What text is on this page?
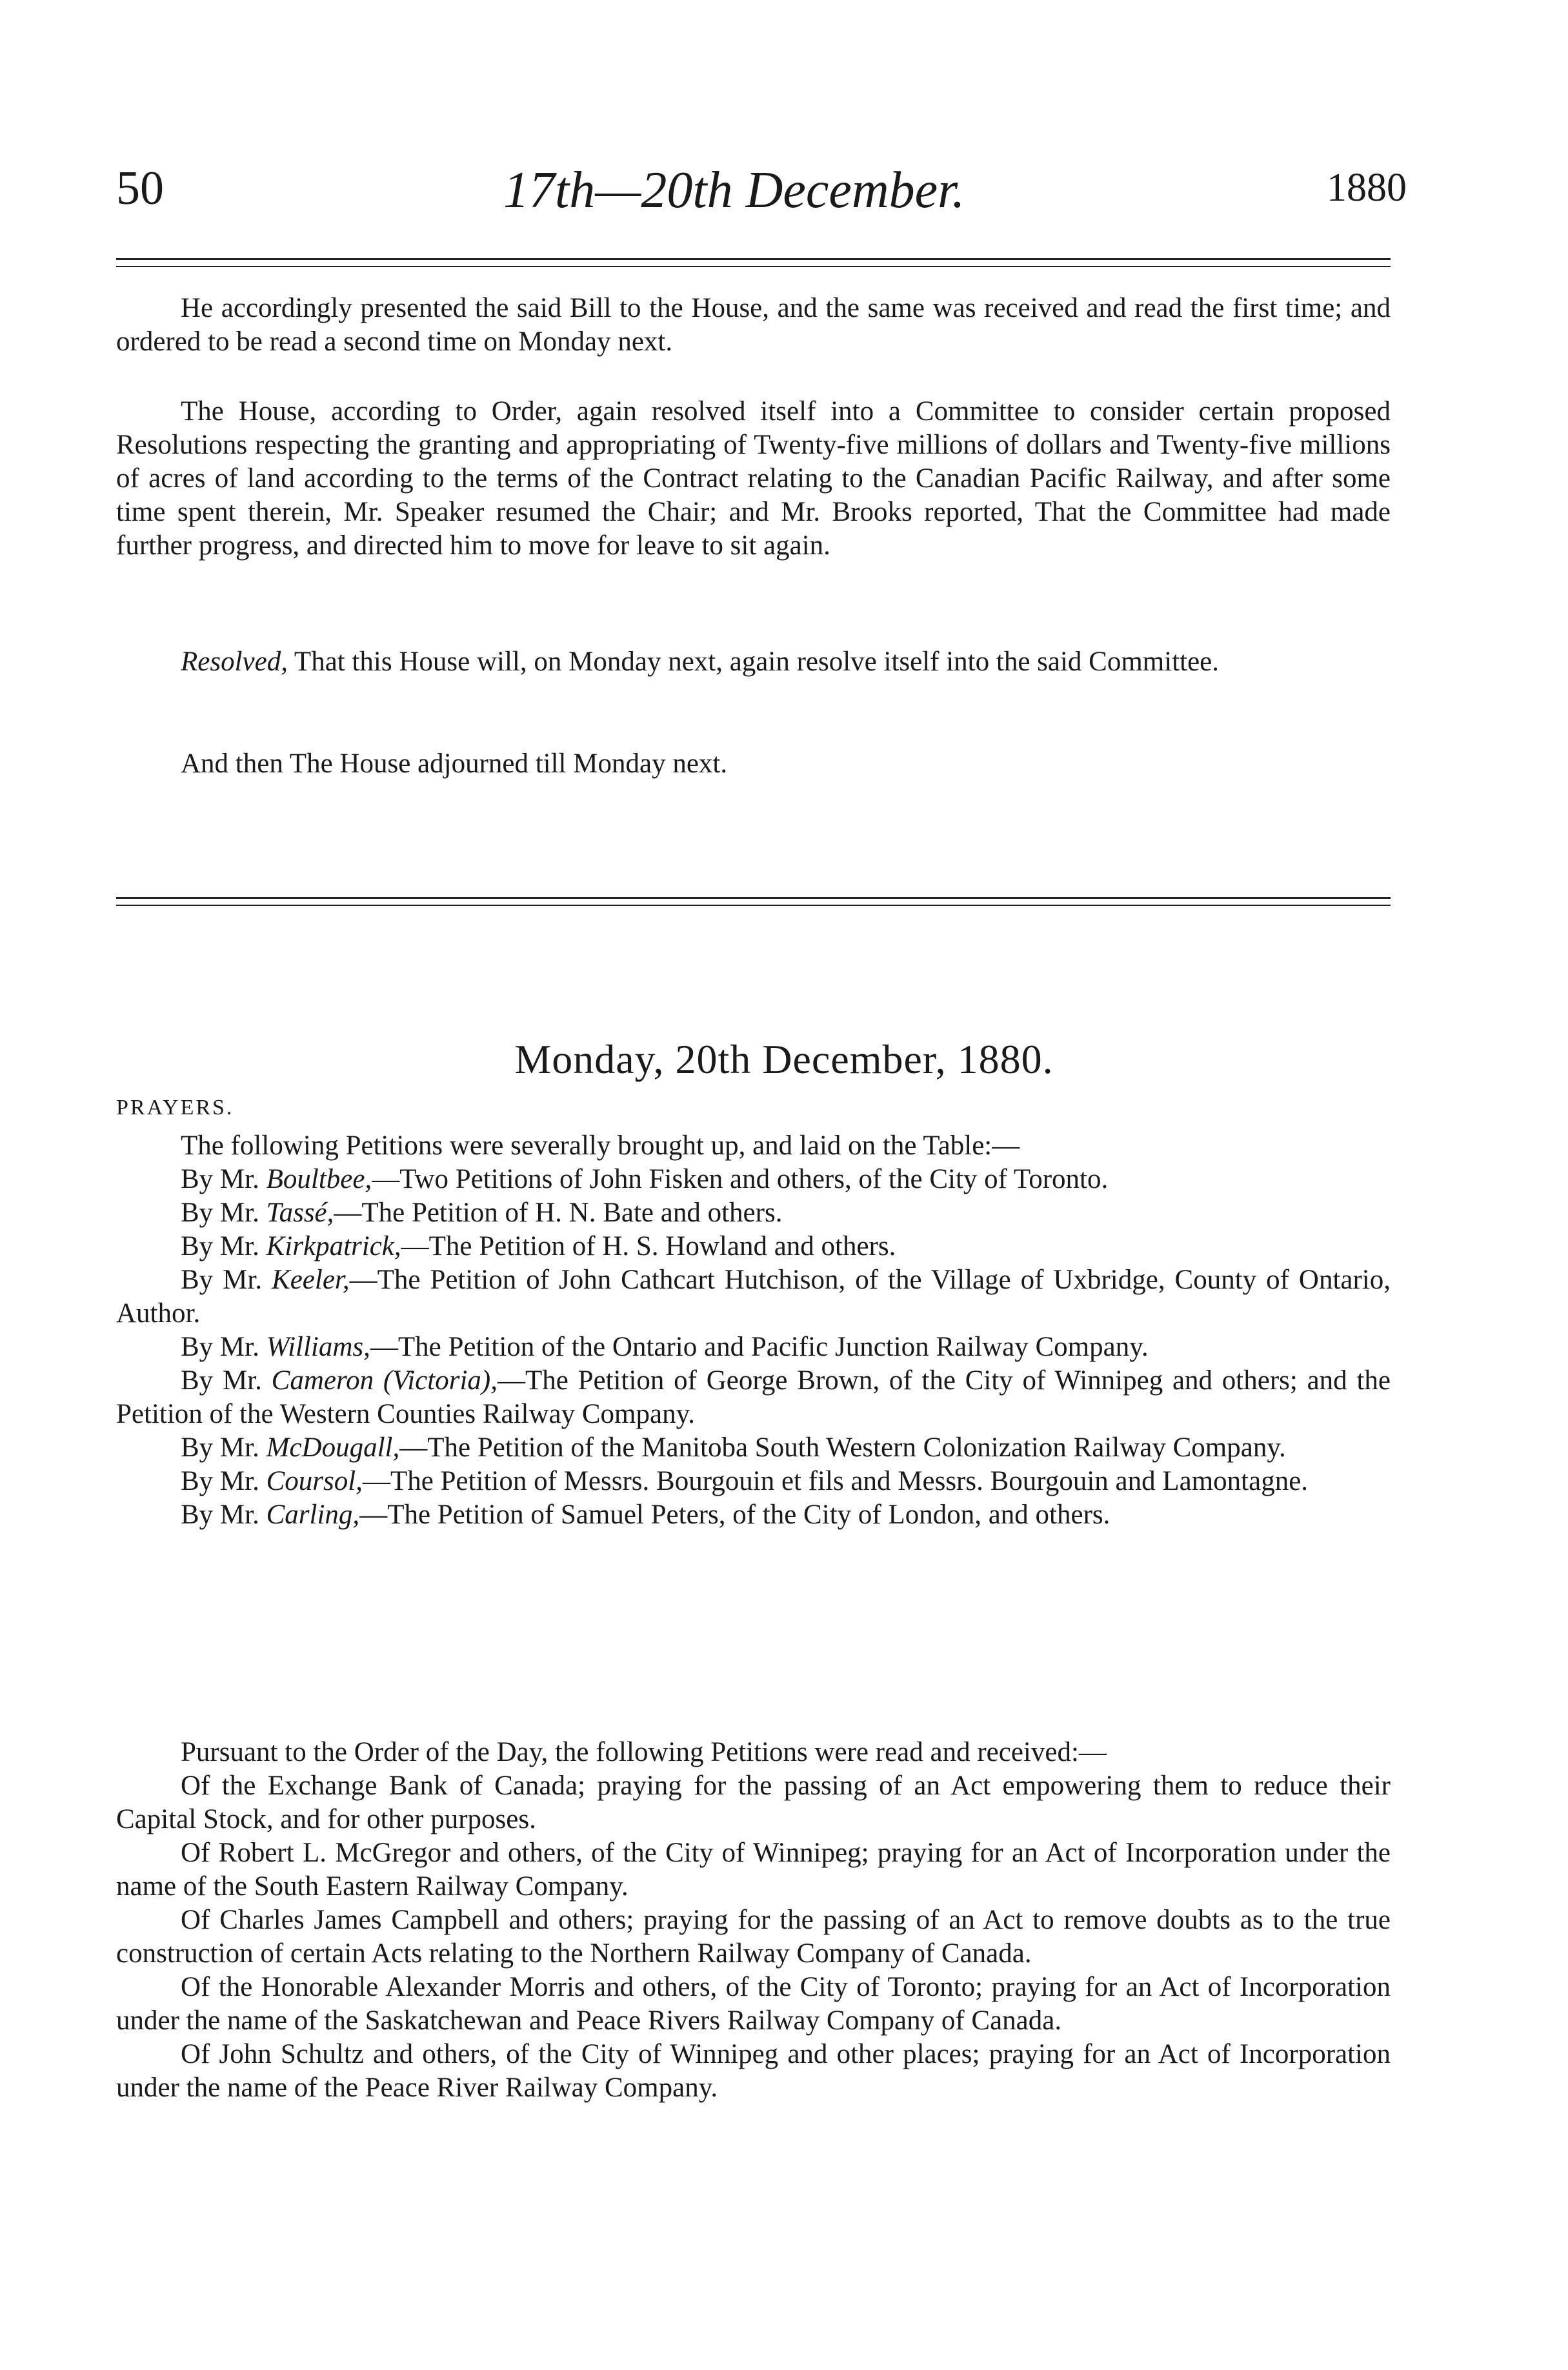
50	17th—20th December.	1880

He accordingly presented the said Bill to the House, and the same was received and read the first time; and ordered to be read a second time on Monday next.

The House, according to Order, again resolved itself into a Committee to consider certain proposed Resolutions respecting the granting and appropriating of Twenty-five millions of dollars and Twenty-five millions of acres of land according to the terms of the Contract relating to the Canadian Pacific Railway, and after some time spent therein, Mr. Speaker resumed the Chair; and Mr. Brooks reported, That the Committee had made further progress, and directed him to move for leave to sit again.

Resolved, That this House will, on Monday next, again resolve itself into the said Committee.

And then The House adjourned till Monday next.

Monday, 20th December, 1880.
PRAYERS.

The following Petitions were severally brought up, and laid on the Table:—

By Mr. Boultbee,—Two Petitions of John Fisken and others, of the City of Toronto.

By Mr. Tassé,—The Petition of H. N. Bate and others.

By Mr. Kirkpatrick,—The Petition of H. S. Howland and others.

By Mr. Keeler,—The Petition of John Cathcart Hutchison, of the Village of Uxbridge, County of Ontario, Author.

By Mr. Williams,—The Petition of the Ontario and Pacific Junction Railway Company.

By Mr. Cameron (Victoria),—The Petition of George Brown, of the City of Winnipeg and others; and the Petition of the Western Counties Railway Company.

By Mr. McDougall,—The Petition of the Manitoba South Western Colonization Railway Company.

By Mr. Coursol,—The Petition of Messrs. Bourgouin et fils and Messrs. Bourgouin and Lamontagne.

By Mr. Carling,—The Petition of Samuel Peters, of the City of London, and others.

Pursuant to the Order of the Day, the following Petitions were read and received:—

Of the Exchange Bank of Canada; praying for the passing of an Act empowering them to reduce their Capital Stock, and for other purposes.

Of Robert L. McGregor and others, of the City of Winnipeg; praying for an Act of Incorporation under the name of the South Eastern Railway Company.

Of Charles James Campbell and others; praying for the passing of an Act to remove doubts as to the true construction of certain Acts relating to the Northern Railway Company of Canada.

Of the Honorable Alexander Morris and others, of the City of Toronto; praying for an Act of Incorporation under the name of the Saskatchewan and Peace Rivers Railway Company of Canada.

Of John Schultz and others, of the City of Winnipeg and other places; praying for an Act of Incorporation under the name of the Peace River Railway Company.
